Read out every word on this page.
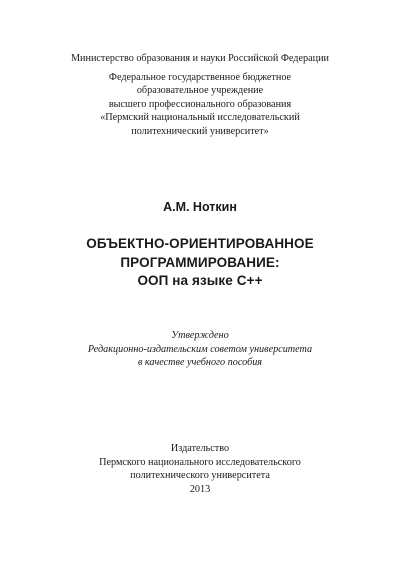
Министерство образования и науки Российской Федерации
Федеральное государственное бюджетное
образовательное учреждение
высшего профессионального образования
«Пермский национальный исследовательский
политехнический университет»
А.М. Ноткин
ОБЪЕКТНО-ОРИЕНТИРОВАННОЕ
ПРОГРАММИРОВАНИЕ:
ООП на языке С++
Утверждено
Редакционно-издательским советом университета
в качестве учебного пособия
Издательство
Пермского национального исследовательского
политехнического университета
2013
